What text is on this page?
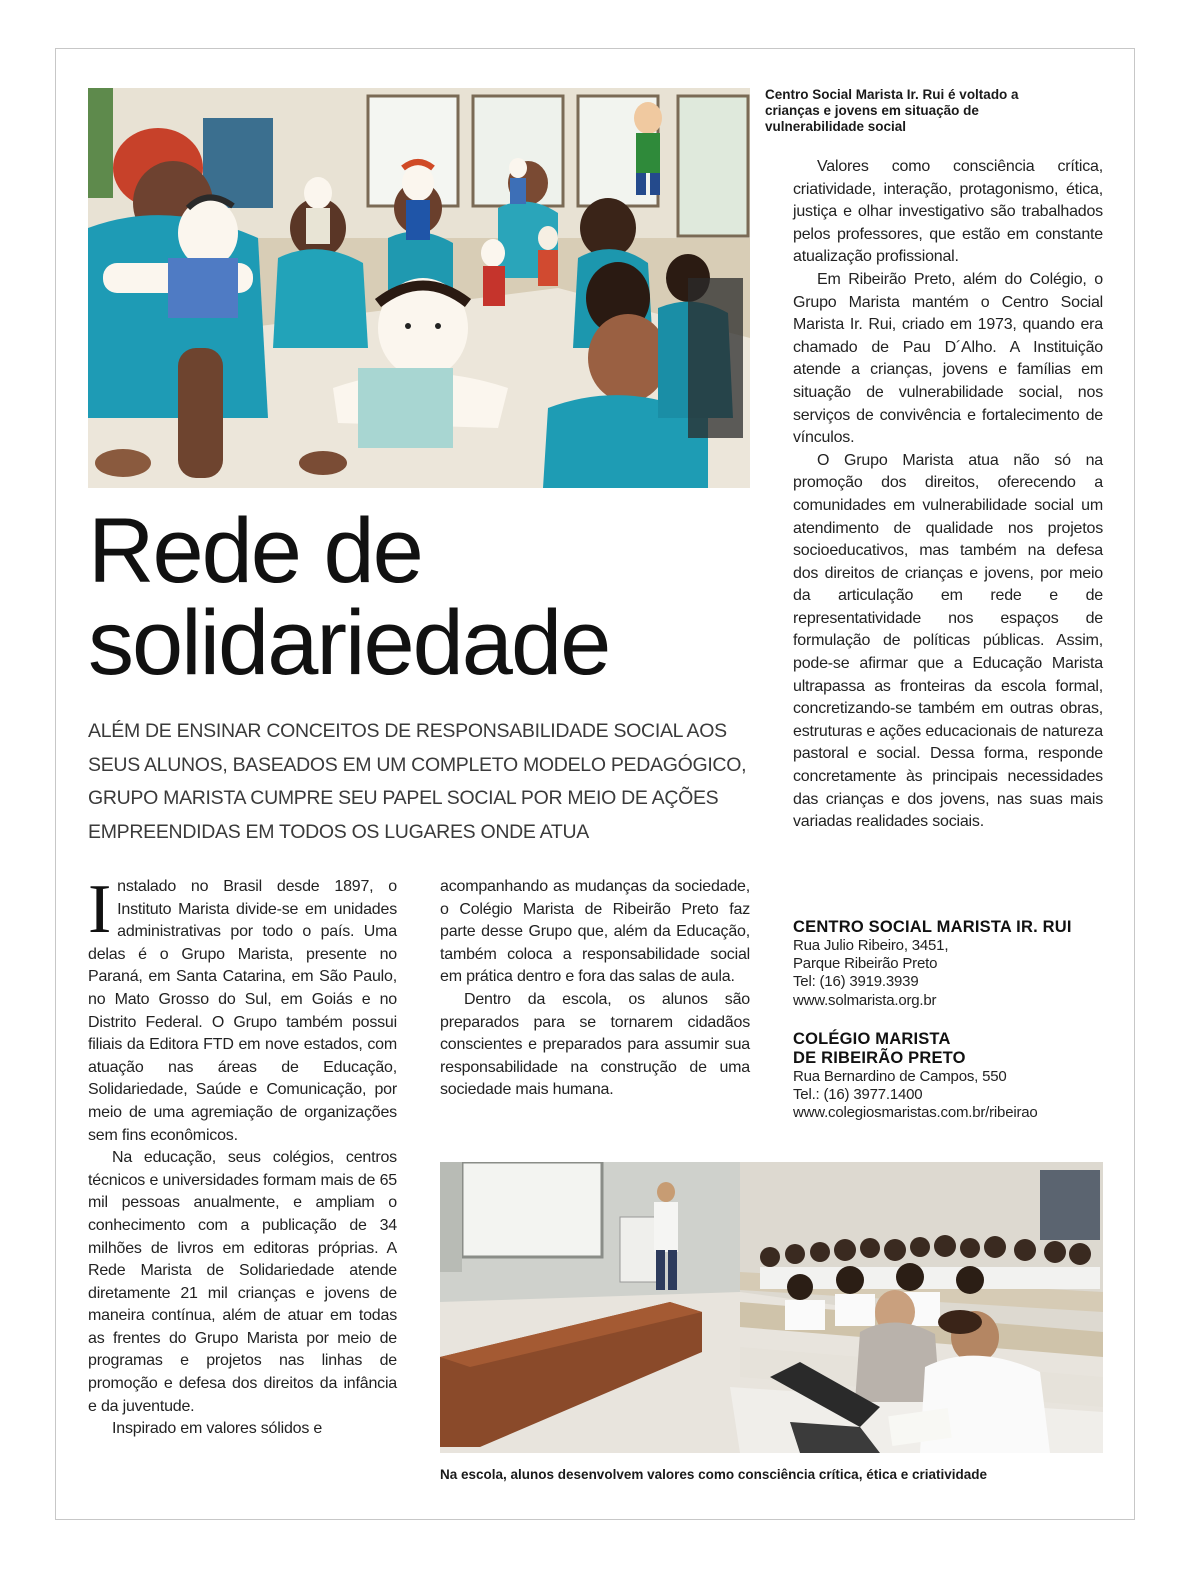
Centro Social Marista Ir. Rui é voltado a crianças e jovens em situação de vulnerabilidade social
Rede de
solidariedade

ALÉM DE ENSINAR CONCEITOS DE RESPONSABILIDADE SOCIAL AOS SEUS ALUNOS, BASEADOS EM UM COMPLETO MODELO PEDAGÓGICO, GRUPO MARISTA CUMPRE SEU PAPEL SOCIAL POR MEIO DE AÇÕES EMPREENDIDAS EM TODOS OS LUGARES ONDE ATUA

Instalado no Brasil desde 1897, o Instituto Marista divide-se em unidades administrativas por todo o país. Uma delas é o Grupo Marista, presente no Paraná, em Santa Catarina, em São Paulo, no Mato Grosso do Sul, em Goiás e no Distrito Federal. O Grupo também possui filiais da Editora FTD em nove estados, com atuação nas áreas de Educação, Solidariedade, Saúde e Comunicação, por meio de uma agremiação de organizações sem fins econômicos.

Na educação, seus colégios, centros técnicos e universidades formam mais de 65 mil pessoas anualmente, e ampliam o conhecimento com a publicação de 34 milhões de livros em editoras próprias. A Rede Marista de Solidariedade atende diretamente 21 mil crianças e jovens de maneira contínua, além de atuar em todas as frentes do Grupo Marista por meio de programas e projetos nas linhas de promoção e defesa dos direitos da infância e da juventude.

Inspirado em valores sólidos e

acompanhando as mudanças da sociedade, o Colégio Marista de Ribeirão Preto faz parte desse Grupo que, além da Educação, também coloca a responsabilidade social em prática dentro e fora das salas de aula.

Dentro da escola, os alunos são preparados para se tornarem cidadãos conscientes e preparados para assumir sua responsabilidade na construção de uma sociedade mais humana.

Valores como consciência crítica, criatividade, interação, protagonismo, ética, justiça e olhar investigativo são trabalhados pelos professores, que estão em constante atualização profissional.

Em Ribeirão Preto, além do Colégio, o Grupo Marista mantém o Centro Social Marista Ir. Rui, criado em 1973, quando era chamado de Pau D´Alho. A Instituição atende a crianças, jovens e famílias em situação de vulnerabilidade social, nos serviços de convivência e fortalecimento de vínculos.

O Grupo Marista atua não só na promoção dos direitos, oferecendo a comunidades em vulnerabilidade social um atendimento de qualidade nos projetos socioeducativos, mas também na defesa dos direitos de crianças e jovens, por meio da articulação em rede e de representatividade nos espaços de formulação de políticas públicas. Assim, pode-se afirmar que a Educação Marista ultrapassa as fronteiras da escola formal, concretizando-se também em outras obras, estruturas e ações educacionais de natureza pastoral e social. Dessa forma, responde concretamente às principais necessidades das crianças e dos jovens, nas suas mais variadas realidades sociais.

CENTRO SOCIAL MARISTA IR. RUI
Rua Julio Ribeiro, 3451,
Parque Ribeirão Preto
Tel: (16) 3919.3939
www.solmarista.org.br
COLÉGIO MARISTA
DE RIBEIRÃO PRETO
Rua Bernardino de Campos, 550
Tel.: (16) 3977.1400
www.colegiosmaristas.com.br/ribeirao
Na escola, alunos desenvolvem valores como consciência crítica, ética e criatividade
